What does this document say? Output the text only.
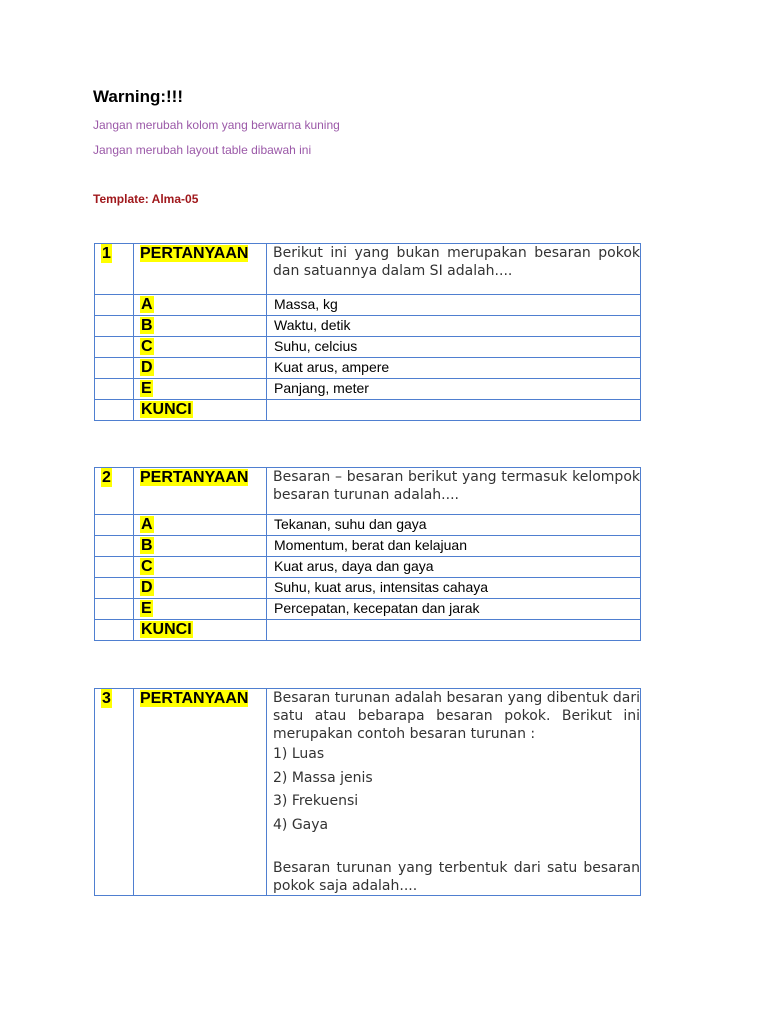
Warning:!!!
Jangan merubah kolom yang berwarna kuning
Jangan merubah layout table dibawah ini
Template: Alma-05
1	PERTANYAAN	Berikut ini yang bukan merupakan besaran pokok dan satuannya dalam SI adalah....
	A	Massa, kg
	B	Waktu, detik
	C	Suhu, celcius
	D	Kuat arus, ampere
	E	Panjang, meter
	KUNCI	
2	PERTANYAAN	Besaran – besaran berikut yang termasuk kelompok besaran turunan adalah....
	A	Tekanan, suhu dan gaya
	B	Momentum, berat dan kelajuan
	C	Kuat arus, daya dan gaya
	D	Suhu, kuat arus, intensitas cahaya
	E	Percepatan, kecepatan dan jarak
	KUNCI	
3	PERTANYAAN	Besaran turunan adalah besaran yang dibentuk dari satu atau bebarapa besaran pokok. Berikut ini merupakan contoh besaran turunan :

1) Luas
2) Massa jenis
3) Frekuensi
4) Gaya

Besaran turunan yang terbentuk dari satu besaran pokok saja adalah....
